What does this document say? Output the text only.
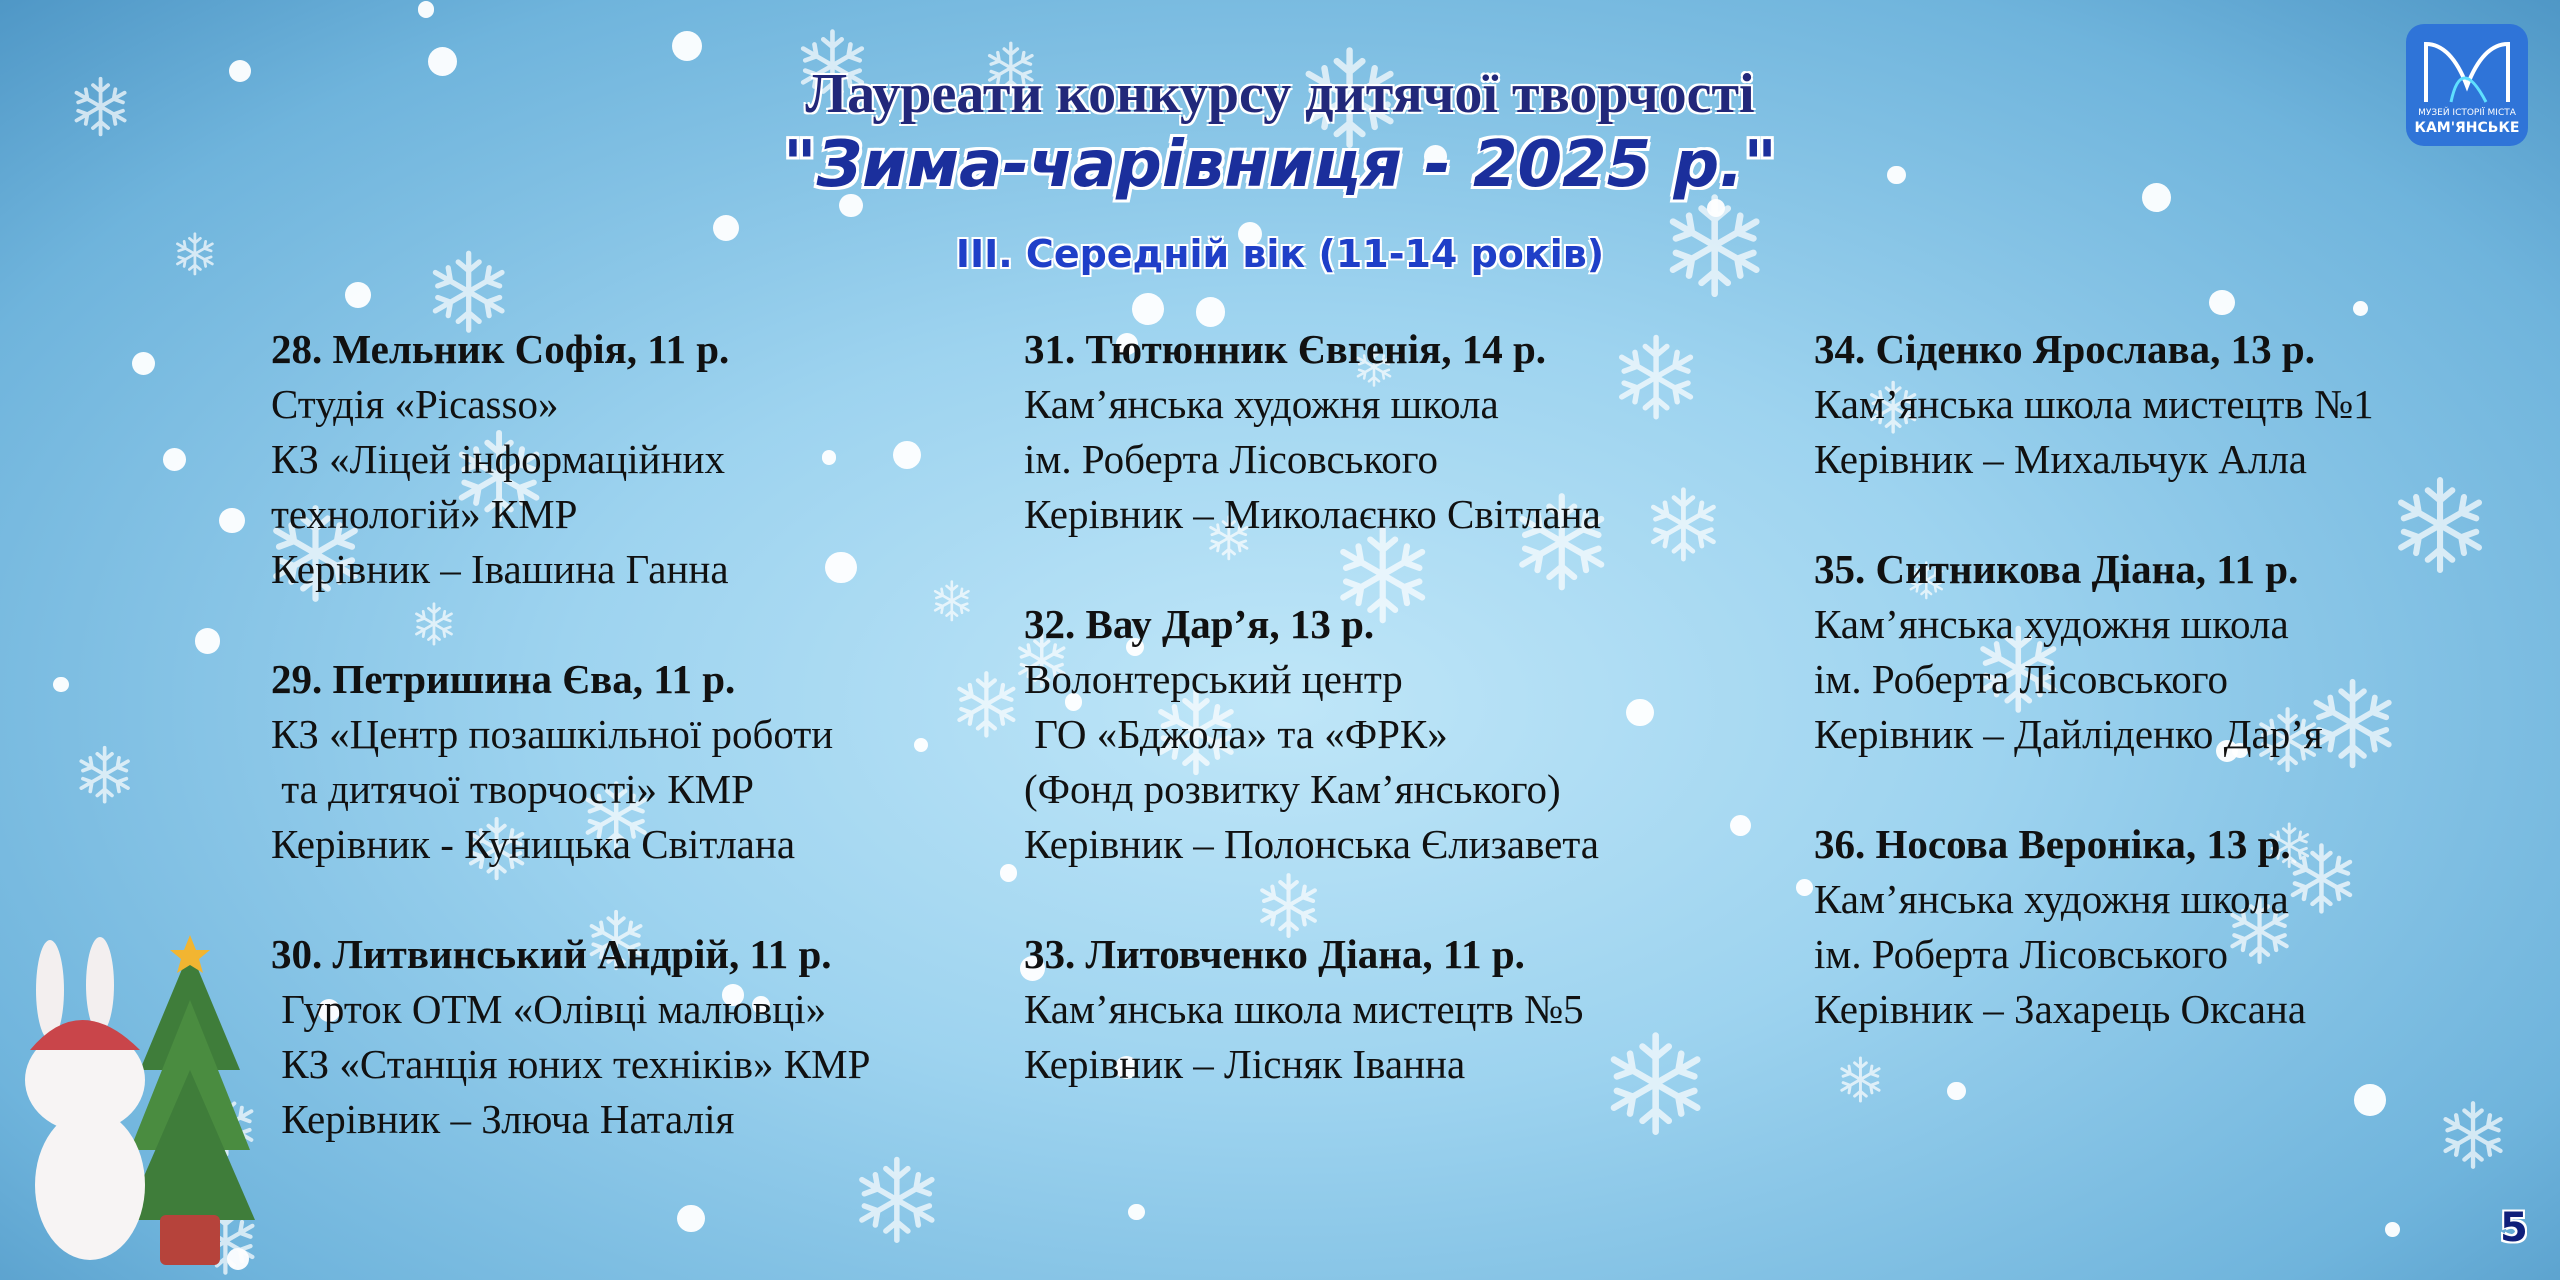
Лауреати конкурсу дитячої творчості
"Зима-чарівниця - 2025 р."
ІІІ. Середній вік (11-14 років)
28. Мельник Софія, 11 р.
Студія «Picasso»
КЗ «Ліцей інформаційних
технологій» КМР
Керівник – Івашина Ганна
29. Петришина Єва, 11 р.
КЗ «Центр позашкільної роботи
та дитячої творчості» КМР
Керівник - Куницька Світлана
30. Литвинський Андрій, 11 р.
Гурток ОТМ «Олівці малювці»
КЗ «Станція юних техніків» КМР
Керівник – Злюча Наталія
31. Тютюнник Євгенія, 14 р.
Кам’янська художня школа
ім. Роберта Лісовського
Керівник – Миколаєнко Світлана
32. Вау Дар’я, 13 р.
Волонтерський центр
ГО «Бджола» та «ФРК»
(Фонд розвитку Кам’янського)
Керівник – Полонська Єлизавета
33. Литовченко Діана, 11 р.
Кам’янська школа мистецтв №5
Керівник – Лісняк Іванна
34. Сіденко Ярослава, 13 р.
Кам’янська школа мистецтв №1
Керівник – Михальчук Алла
35. Ситникова Діана, 11 р.
Кам’янська художня школа
ім. Роберта Лісовського
Керівник – Дайліденко Дар’я
36. Носова Вероніка, 13 р.
Кам’янська художня школа
ім. Роберта Лісовського
Керівник – Захарець Оксана
МУЗЕЙ ІСТОРІЇ МІСТА
КАМ'ЯНСЬКЕ
5
